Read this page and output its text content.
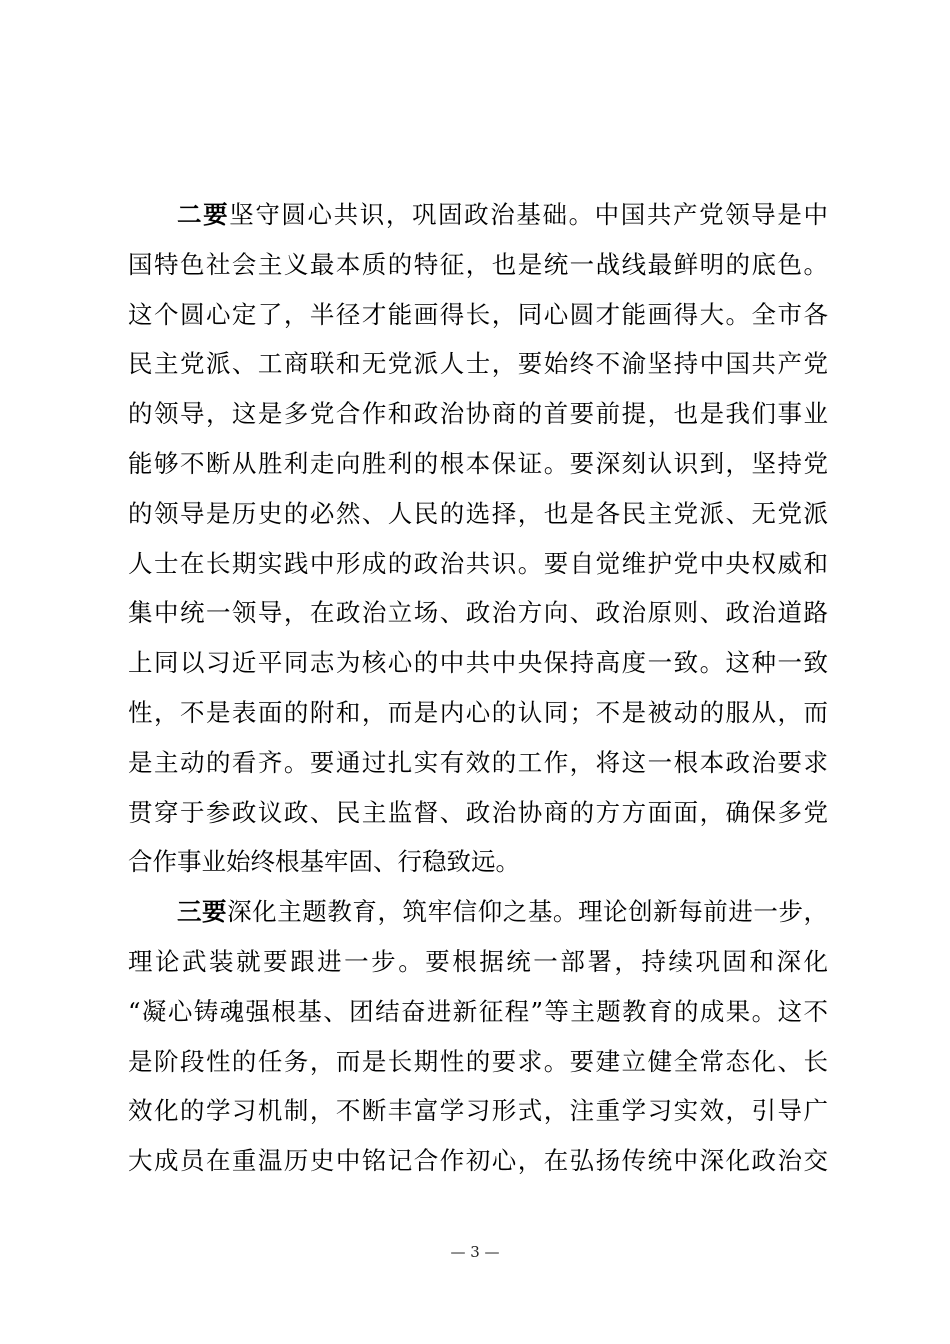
二要坚守圆心共识，巩固政治基础。中国共产党领导是中
国特色社会主义最本质的特征，也是统一战线最鲜明的底色。
这个圆心定了，半径才能画得长，同心圆才能画得大。全市各
民主党派、工商联和无党派人士，要始终不渝坚持中国共产党
的领导，这是多党合作和政治协商的首要前提，也是我们事业
能够不断从胜利走向胜利的根本保证。要深刻认识到，坚持党
的领导是历史的必然、人民的选择，也是各民主党派、无党派
人士在长期实践中形成的政治共识。要自觉维护党中央权威和
集中统一领导，在政治立场、政治方向、政治原则、政治道路
上同以习近平同志为核心的中共中央保持高度一致。这种一致
性，不是表面的附和，而是内心的认同；不是被动的服从，而
是主动的看齐。要通过扎实有效的工作，将这一根本政治要求
贯穿于参政议政、民主监督、政治协商的方方面面，确保多党
合作事业始终根基牢固、行稳致远。
三要深化主题教育，筑牢信仰之基。理论创新每前进一步，
理论武装就要跟进一步。要根据统一部署，持续巩固和深化
“凝心铸魂强根基、团结奋进新征程”等主题教育的成果。这不
是阶段性的任务，而是长期性的要求。要建立健全常态化、长
效化的学习机制，不断丰富学习形式，注重学习实效，引导广
大成员在重温历史中铭记合作初心，在弘扬传统中深化政治交
— 3 —
